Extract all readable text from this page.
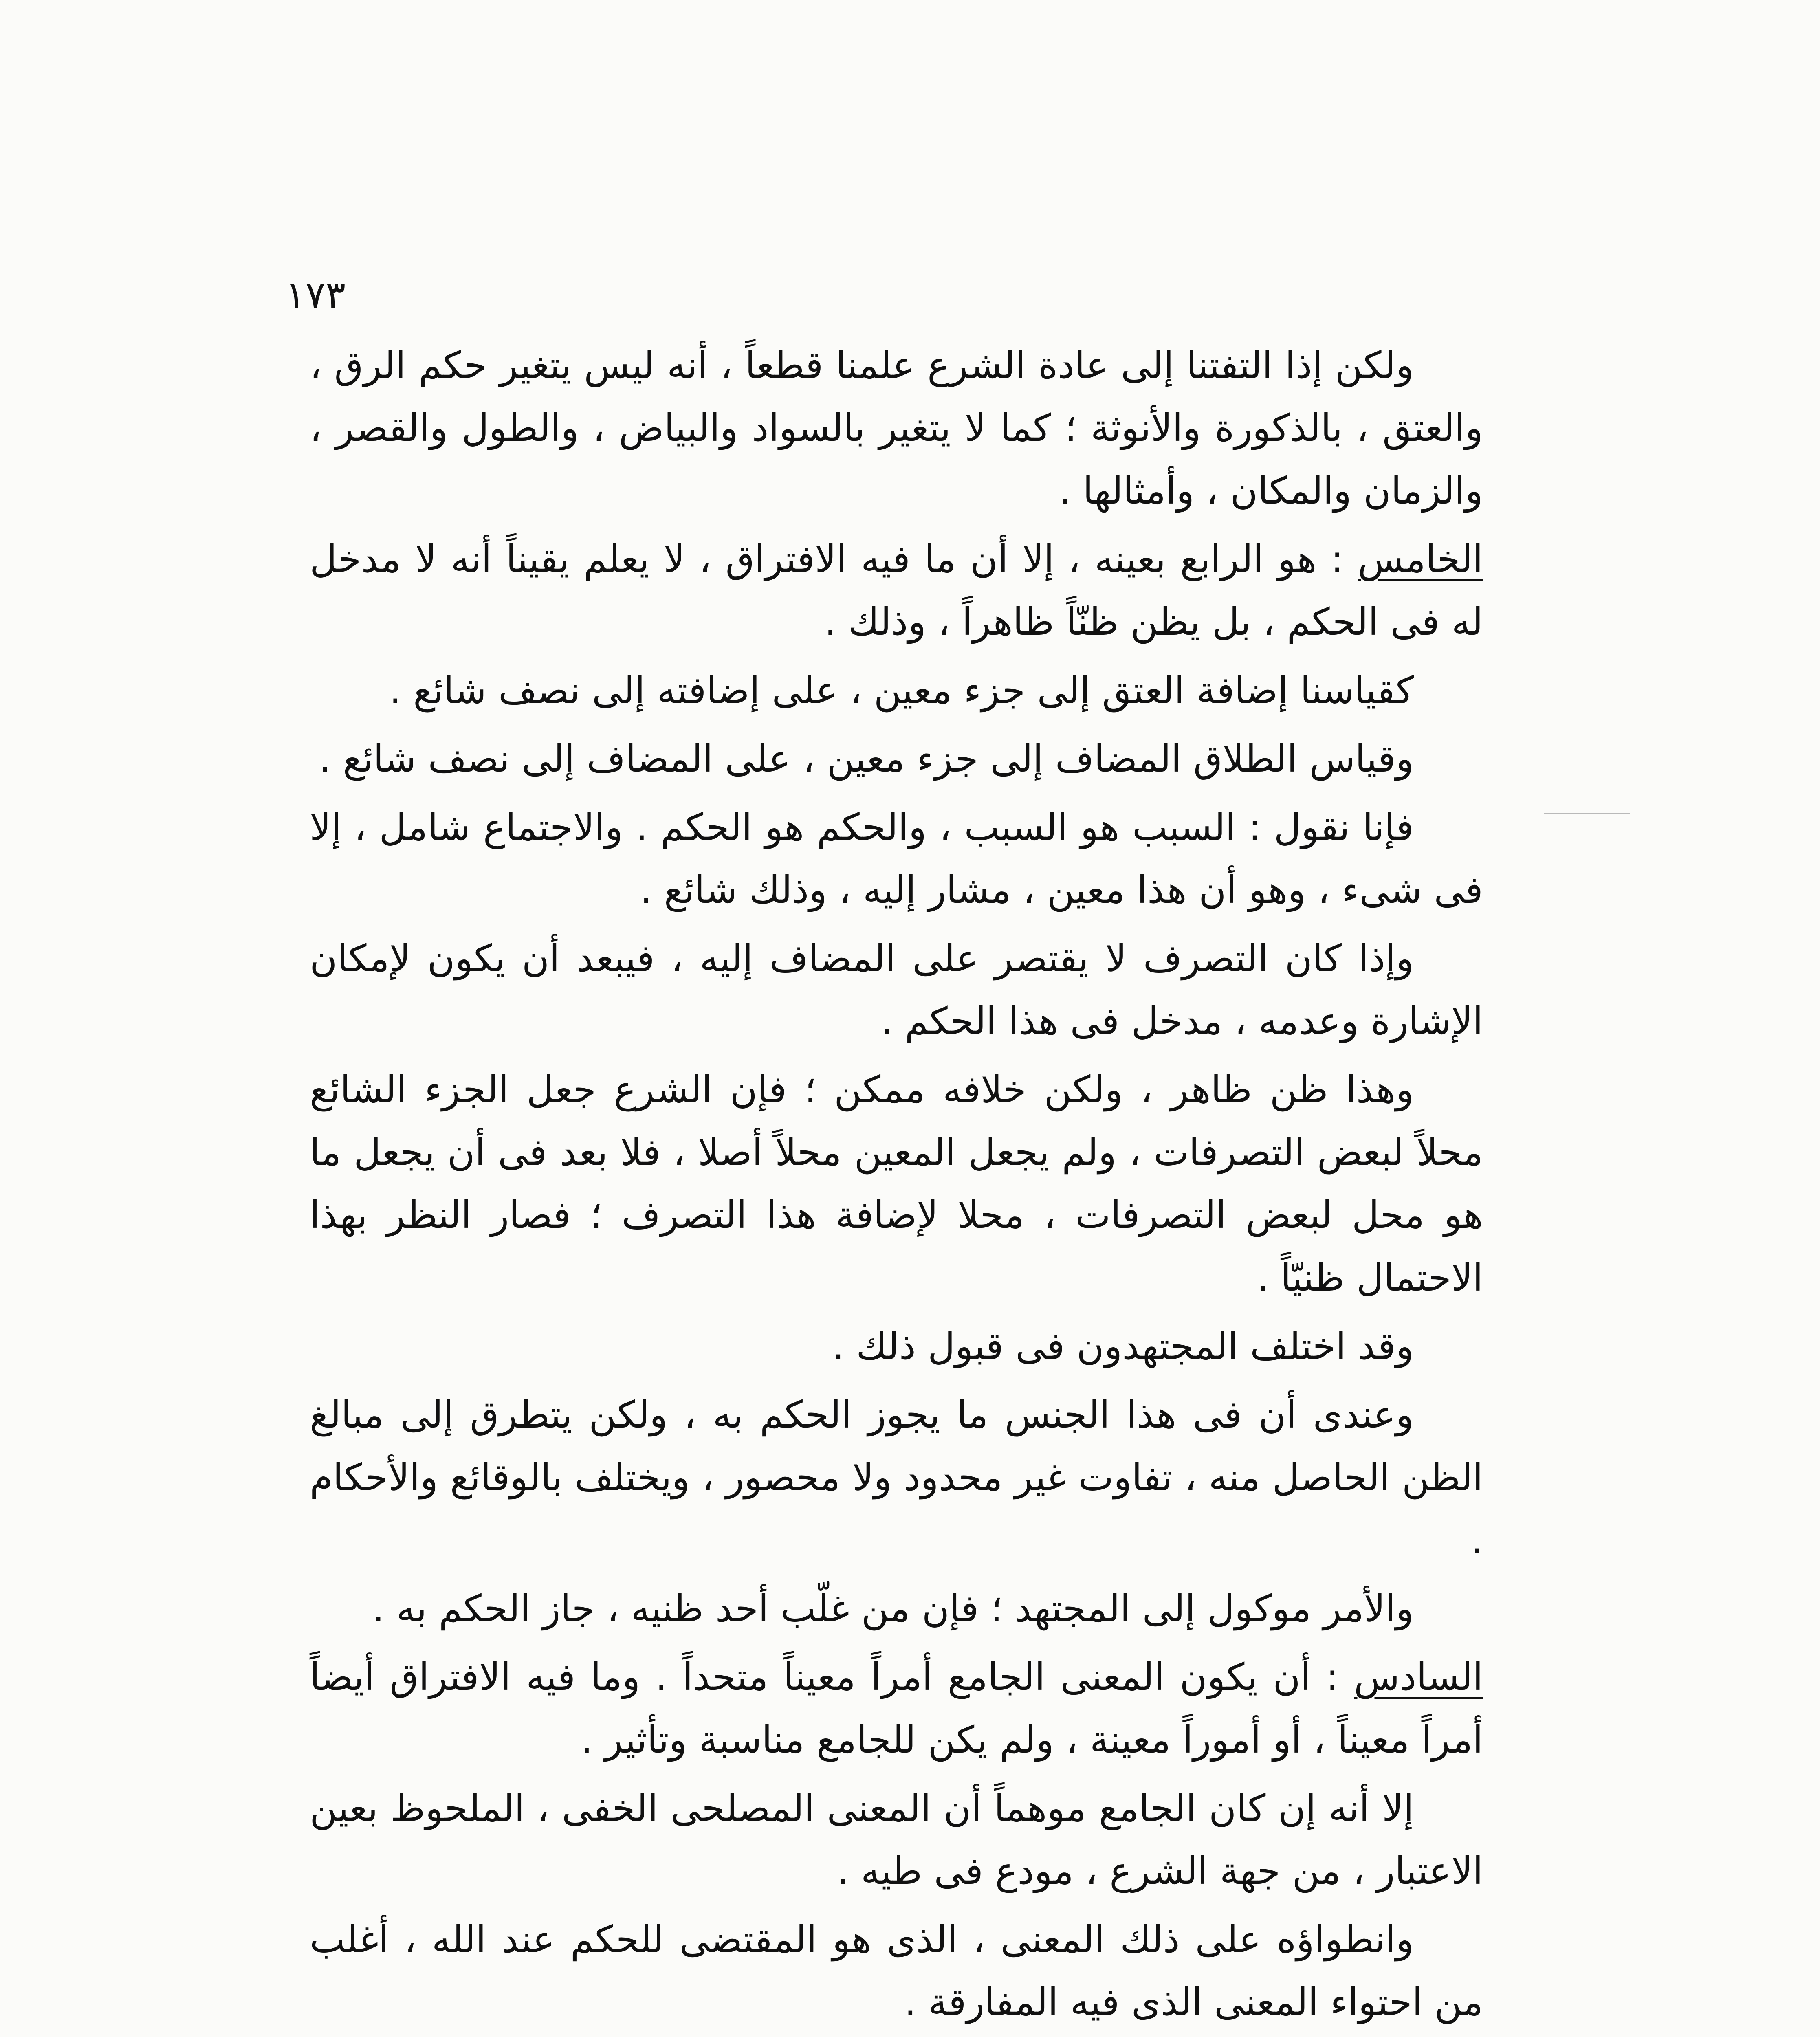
١٧٣

ولكن إذا التفتنا إلى عادة الشرع علمنا قطعاً ، أنه ليس يتغير حكم الرق ، والعتق ، بالذكورة والأنوثة ؛ كما لا يتغير بالسواد والبياض ، والطول والقصر ، والزمان والمكان ، وأمثالها .

الخامس : هو الرابع بعينه ، إلا أن ما فيه الافتراق ، لا يعلم يقيناً أنه لا مدخل له فى الحكم ، بل يظن ظنّاً ظاهراً ، وذلك .

كقياسنا إضافة العتق إلى جزء معين ، على إضافته إلى نصف شائع .

وقياس الطلاق المضاف إلى جزء معين ، على المضاف إلى نصف شائع .

فإنا نقول : السبب هو السبب ، والحكم هو الحكم . والاجتماع شامل ، إلا فى شىء ، وهو أن هذا معين ، مشار إليه ، وذلك شائع .

وإذا كان التصرف لا يقتصر على المضاف إليه ، فيبعد أن يكون لإمكان الإشارة وعدمه ، مدخل فى هذا الحكم .

وهذا ظن ظاهر ، ولكن خلافه ممكن ؛ فإن الشرع جعل الجزء الشائع محلاً لبعض التصرفات ، ولم يجعل المعين محلاً أصلا ، فلا بعد فى أن يجعل ما هو محل لبعض التصرفات ، محلا لإضافة هذا التصرف ؛ فصار النظر بهذا الاحتمال ظنيّاً .

وقد اختلف المجتهدون فى قبول ذلك .

وعندى أن فى هذا الجنس ما يجوز الحكم به ، ولكن يتطرق إلى مبالغ الظن الحاصل منه ، تفاوت غير محدود ولا محصور ، ويختلف بالوقائع والأحكام .

والأمر موكول إلى المجتهد ؛ فإن من غلّب أحد ظنيه ، جاز الحكم به .

السادس : أن يكون المعنى الجامع أمراً معيناً متحداً . وما فيه الافتراق أيضاً أمراً معيناً ، أو أموراً معينة ، ولم يكن للجامع مناسبة وتأثير .

إلا أنه إن كان الجامع موهماً أن المعنى المصلحى الخفى ، الملحوظ بعين الاعتبار ، من جهة الشرع ، مودع فى طيه .

وانطواؤه على ذلك المعنى ، الذى هو المقتضى للحكم عند الله ، أغلب من احتواء المعنى الذى فيه المفارقة .
